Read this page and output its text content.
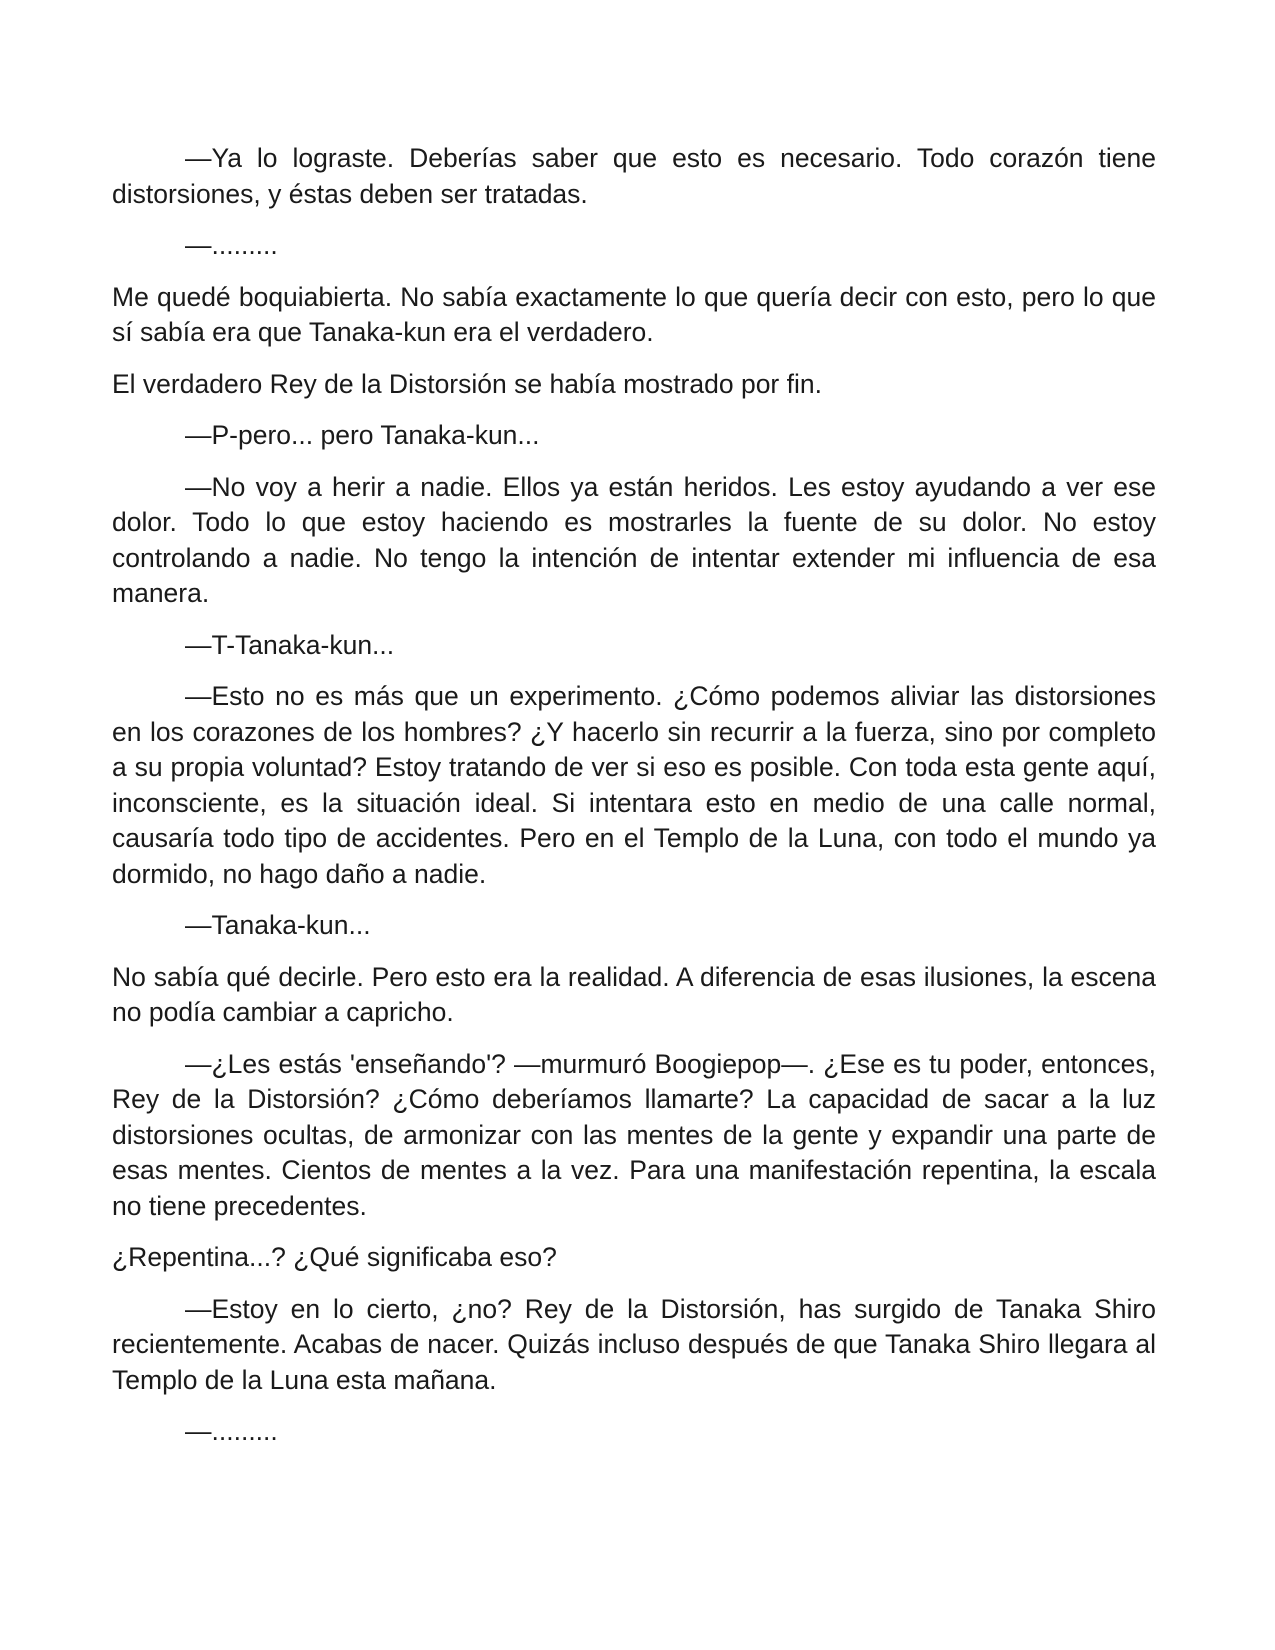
—Ya lo lograste. Deberías saber que esto es necesario. Todo corazón tiene distorsiones, y éstas deben ser tratadas.

—.........

Me quedé boquiabierta. No sabía exactamente lo que quería decir con esto, pero lo que sí sabía era que Tanaka-kun era el verdadero.

El verdadero Rey de la Distorsión se había mostrado por fin.

—P-pero... pero Tanaka-kun...

—No voy a herir a nadie. Ellos ya están heridos. Les estoy ayudando a ver ese dolor. Todo lo que estoy haciendo es mostrarles la fuente de su dolor. No estoy controlando a nadie. No tengo la intención de intentar extender mi influencia de esa manera.

—T-Tanaka-kun...

—Esto no es más que un experimento. ¿Cómo podemos aliviar las distorsiones en los corazones de los hombres? ¿Y hacerlo sin recurrir a la fuerza, sino por completo a su propia voluntad? Estoy tratando de ver si eso es posible. Con toda esta gente aquí, inconsciente, es la situación ideal. Si intentara esto en medio de una calle normal, causaría todo tipo de accidentes. Pero en el Templo de la Luna, con todo el mundo ya dormido, no hago daño a nadie.

—Tanaka-kun...

No sabía qué decirle. Pero esto era la realidad. A diferencia de esas ilusiones, la escena no podía cambiar a capricho.

—¿Les estás 'enseñando'? —murmuró Boogiepop—. ¿Ese es tu poder, entonces, Rey de la Distorsión? ¿Cómo deberíamos llamarte? La capacidad de sacar a la luz distorsiones ocultas, de armonizar con las mentes de la gente y expandir una parte de esas mentes. Cientos de mentes a la vez. Para una manifestación repentina, la escala no tiene precedentes.

¿Repentina...? ¿Qué significaba eso?

—Estoy en lo cierto, ¿no? Rey de la Distorsión, has surgido de Tanaka Shiro recientemente. Acabas de nacer. Quizás incluso después de que Tanaka Shiro llegara al Templo de la Luna esta mañana.

—.........
